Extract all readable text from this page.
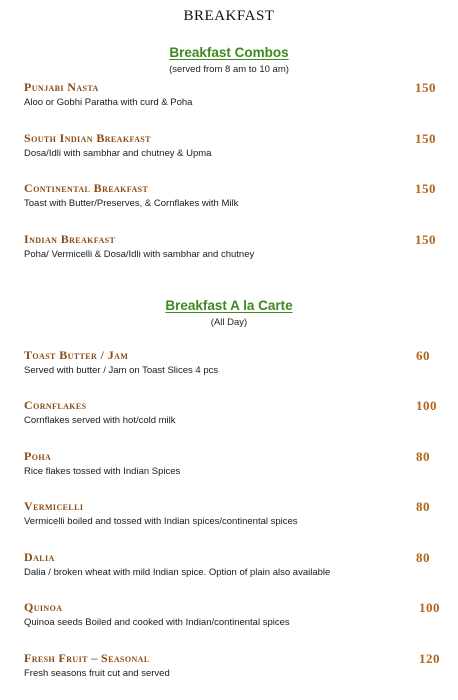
BREAKFAST
Breakfast Combos
(served from 8 am to 10 am)
Punjabi Nasta
Aloo or Gobhi Paratha with curd & Poha
150
South Indian Breakfast
Dosa/Idli with sambhar and chutney & Upma
150
Continental Breakfast
Toast with Butter/Preserves, & Cornflakes with Milk
150
Indian Breakfast
Poha/ Vermicelli & Dosa/Idli with sambhar and chutney
150
Breakfast A la Carte
(All Day)
Toast Butter / Jam
Served with butter / Jam on Toast Slices 4 pcs
60
Cornflakes
Cornflakes served with hot/cold milk
100
Poha
Rice flakes tossed with Indian Spices
80
Vermicelli
Vermicelli boiled and tossed with Indian spices/continental spices
80
Dalia
Dalia / broken wheat with mild Indian spice. Option of plain also available
80
Quinoa
Quinoa seeds Boiled and cooked with Indian/continental spices
100
Fresh Fruit – Seasonal
Fresh seasons fruit cut and served
120
